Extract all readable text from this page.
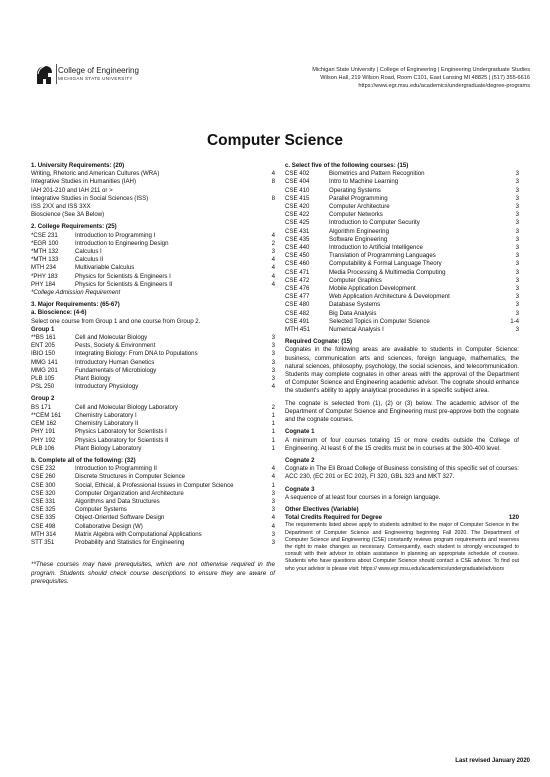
College of Engineering
MICHIGAN STATE UNIVERSITY
Michigan State University | College of Engineering | Engineering Undergraduate Studies
Wilson Hall, 219 Wilson Road, Room C101, East Lansing MI 48825 | (517) 355-6616
https://www.egr.msu.edu/academics/undergraduate/degree-programs
Computer Science
1. University Requirements: (20)
Writing, Rhetoric and American Cultures (WRA)	4
Integrative Studies in Humanities (IAH)	8
IAH 201-210 and IAH 211 or >
Integrative Studies in Social Sciences (ISS)	8
ISS 2XX and ISS 3XX
Bioscience (See 3A Below)
2. College Requirements: (25)
*CSE 231	Introduction to Programming I	4
*EGR 100	Introduction to Engineering Design	2
*MTH 132	Calculus I	3
*MTH 133	Calculus II	4
MTH 234	Multivariable Calculus	4
*PHY 183	Physics for Scientists & Engineers I	4
PHY 184	Physics for Scientists & Engineers II	4
*College Admission Requirement
3. Major Requirements: (65-67)
a. Bioscience: (4-6)
Select one course from Group 1 and one course from Group 2.
Group 1
**BS 161	Cell and Molecular Biology	3
ENT 205	Pests, Society & Environment	3
IBIO 150	Integrating Biology: From DNA to Populations	3
MMG 141	Introductory Human Genetics	3
MMG 201	Fundamentals of Microbiology	3
PLB 105	Plant Biology	3
PSL 250	Introductory Physiology	4
Group 2
BS 171	Cell and Molecular Biology Laboratory	2
**CEM 161	Chemistry Laboratory I	1
CEM 162	Chemistry Laboratory II	1
PHY 191	Physics Laboratory for Scientists I	1
PHY 192	Physics Laboratory for Scientists II	1
PLB 106	Plant Biology Laboratory	1
b. Complete all of the following: (32)
CSE 232	Introduction to Programming II	4
CSE 260	Discrete Structures in Computer Science	4
CSE 300	Social, Ethical, & Professional Issues in Computer Science	1
CSE 320	Computer Organization and Architecture	3
CSE 331	Algorithms and Data Structures	3
CSE 325	Computer Systems	3
CSE 335	Object-Oriented Software Design	4
CSE 498	Collaborative Design (W)	4
MTH 314	Matrix Algebra with Computational Applications	3
STT 351	Probability and Statistics for Engineering	3
**These courses may have prerequisites, which are not otherwise required in the program. Students should check course descriptions to ensure they are aware of prerequisites.
c. Select five of the following courses: (15)
CSE 402	Biometrics and Pattern Recognition	3
CSE 404	Intro to Machine Learning	3
CSE 410	Operating Systems	3
CSE 415	Parallel Programming	3
CSE 420	Computer Architecture	3
CSE 422	Computer Networks	3
CSE 425	Introduction to Computer Security	3
CSE 431	Algorithm Engineering	3
CSE 435	Software Engineering	3
CSE 440	Introduction to Artificial Intelligence	3
CSE 450	Translation of Programming Languages	3
CSE 460	Computability & Formal Language Theory	3
CSE 471	Media Processing & Multimedia Computing	3
CSE 472	Computer Graphics	3
CSE 476	Mobile Application Development	3
CSE 477	Web Application Architecture & Development	3
CSE 480	Database Systems	3
CSE 482	Big Data Analysis	3
CSE 491	Selected Topics in Computer Science	1-4
MTH 451	Numerical Analysis I	3
Required Cognate: (15)
Cognates in the following areas are available to students in Computer Science: business, communication arts and sciences, foreign language, mathematics, the natural sciences, philosophy, psychology, the social sciences, and telecommunication. Students may complete cognates in other areas with the approval of the Department of Computer Science and Engineering academic advisor. The cognate should enhance the student's ability to apply analytical procedures in a specific subject area.
The cognate is selected from (1), (2) or (3) below. The academic advisor of the Department of Computer Science and Engineering must pre-approve both the cognate and the cognate courses.
Cognate 1
A minimum of four courses totaling 15 or more credits outside the College of Engineering. At least 6 of the 15 credits must be in courses at the 300-400 level.
Cognate 2
Cognate in The Eli Broad College of Business consisting of this specific set of courses: ACC 230, (EC 201 or EC 202), FI 320, GBL 323 and MKT 327.
Cognate 3
A sequence of at least four courses in a foreign language.
Other Electives (Variable)
Total Credits Required for Degree	120
The requirements listed above apply to students admitted to the major of Computer Science in the Department of Computer Science and Engineering beginning Fall 2020. The Department of Computer Science and Engineering (CSE) constantly reviews program requirements and reserves the right to make changes as necessary. Consequently, each student is strongly encouraged to consult with their advisor to obtain assistance in planning an appropriate schedule of courses. Students who have questions about Computer Science should contact a CSE advisor. To find out who your advisor is please visit: https:// www.egr.msu.edu/academics/undergraduate/advisors
Last revised January 2020
